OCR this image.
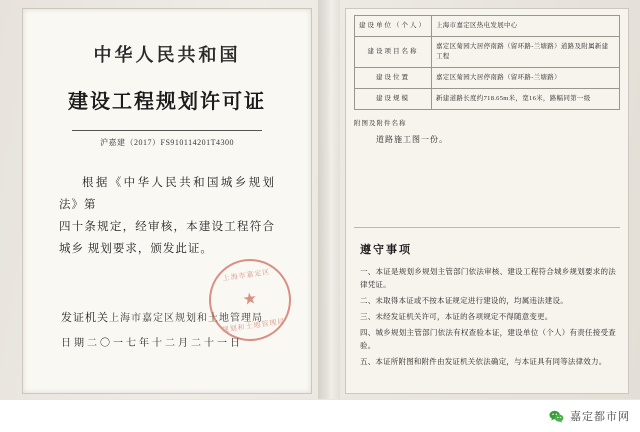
中华人民共和国
建设工程规划许可证
沪嘉建（2017）FS910114201T4300
根据《中华人民共和国城乡规划法》第
四十条规定，经审核，本建设工程符合城乡 规划要求，颁发此证。
发证机关上海市嘉定区规划和土地管理局
日期二〇一七年十二月二十一日
上海市嘉定区
★
规划和土地管理局
建设单位（个人）	上海市嘉定区热电发展中心
建设项目名称	嘉定区菊园大居停南路（留环路-兰塘路）道路及附属新建工程
建设位置	嘉定区菊园大居停南路（留环路-兰塘路）
建设规模	新建道路长度约718.65m米，宽16米，路幅同第一级
附图及附件名称
道路施工图一份。
遵守事项
一、本证是规划乡规划主管部门依法审核、建设工程符合城乡规划要求的法律凭证。
二、未取得本证或不按本证规定进行建设的，均属违法建设。
三、未经发证机关许可，本证的各项规定不得随意变更。
四、城乡规划主管部门依法有权查验本证，建设单位（个人）有责任接受查验。
五、本证所附图和附件由发证机关依法确定，与本证具有同等法律效力。
嘉定都市网
